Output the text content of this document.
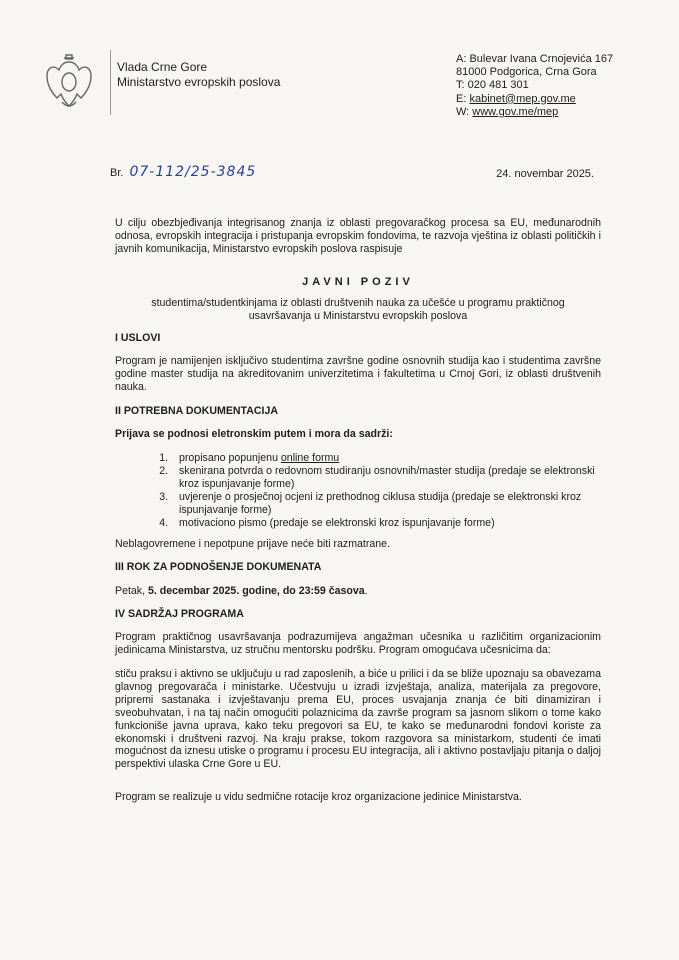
Vlada Crne Gore
Ministarstvo evropskih poslova
A: Bulevar Ivana Crnojevića 167
81000 Podgorica, Crna Gora
T: 020 481 301
E: kabinet@mep.gov.me
W: www.gov.me/mep
Br. 07-112/25-3845	24. novembar 2025.
U cilju obezbjeđivanja integrisanog znanja iz oblasti pregovaračkog procesa sa EU, međunarodnih odnosa, evropskih integracija i pristupanja evropskim fondovima, te razvoja vještina iz oblasti političkih i javnih komunikacija, Ministarstvo evropskih poslova raspisuje
JAVNI POZIV
studentima/studentkinjama iz oblasti društvenih nauka za učešće u programu praktičnog
usavršavanja u Ministarstvu evropskih poslova
I USLOVI
Program je namijenjen isključivo studentima završne godine osnovnih studija kao i studentima završne godine master studija na akreditovanim univerzitetima i fakultetima u Crnoj Gori, iz oblasti društvenih nauka.
II POTREBNA DOKUMENTACIJA
Prijava se podnosi eletronskim putem i mora da sadrži:
1. propisano popunjenu online formu
2. skenirana potvrda o redovnom studiranju osnovnih/master studija (predaje se elektronski kroz ispunjavanje forme)
3. uvjerenje o prosječnoj ocjeni iz prethodnog ciklusa studija (predaje se elektronski kroz ispunjavanje forme)
4. motivaciono pismo (predaje se elektronski kroz ispunjavanje forme)
Neblagovremene i nepotpune prijave neće biti razmatrane.
III ROK ZA PODNOŠENJE DOKUMENATA
Petak, 5. decembar 2025. godine, do 23:59 časova.
IV SADRŽAJ PROGRAMA
Program praktičnog usavršavanja podrazumijeva angažman učesnika u različitim organizacionim jedinicama Ministarstva, uz stručnu mentorsku podršku. Program omogućava učesnicima da:
stiču praksu i aktivno se uključuju u rad zaposlenih, a biće u prilici i da se bliže upoznaju sa obavezama glavnog pregovarača i ministarke. Učestvuju u izradi izvještaja, analiza, materijala za pregovore, pripremi sastanaka i izvještavanju prema EU, proces usvajanja znanja će biti dinamiziran i sveobuhvatan, i na taj način omogućiti polaznicima da završe program sa jasnom slikom o tome kako funkcioniše javna uprava, kako teku pregovori sa EU, te kako se međunarodni fondovi koriste za ekonomski i društveni razvoj. Na kraju prakse, tokom razgovora sa ministarkom, studenti će imati mogućnost da iznesu utiske o programu i procesu EU integracija, ali i aktivno postavljaju pitanja o daljoj perspektivi ulaska Crne Gore u EU.
Program se realizuje u vidu sedmične rotacije kroz organizacione jedinice Ministarstva.
